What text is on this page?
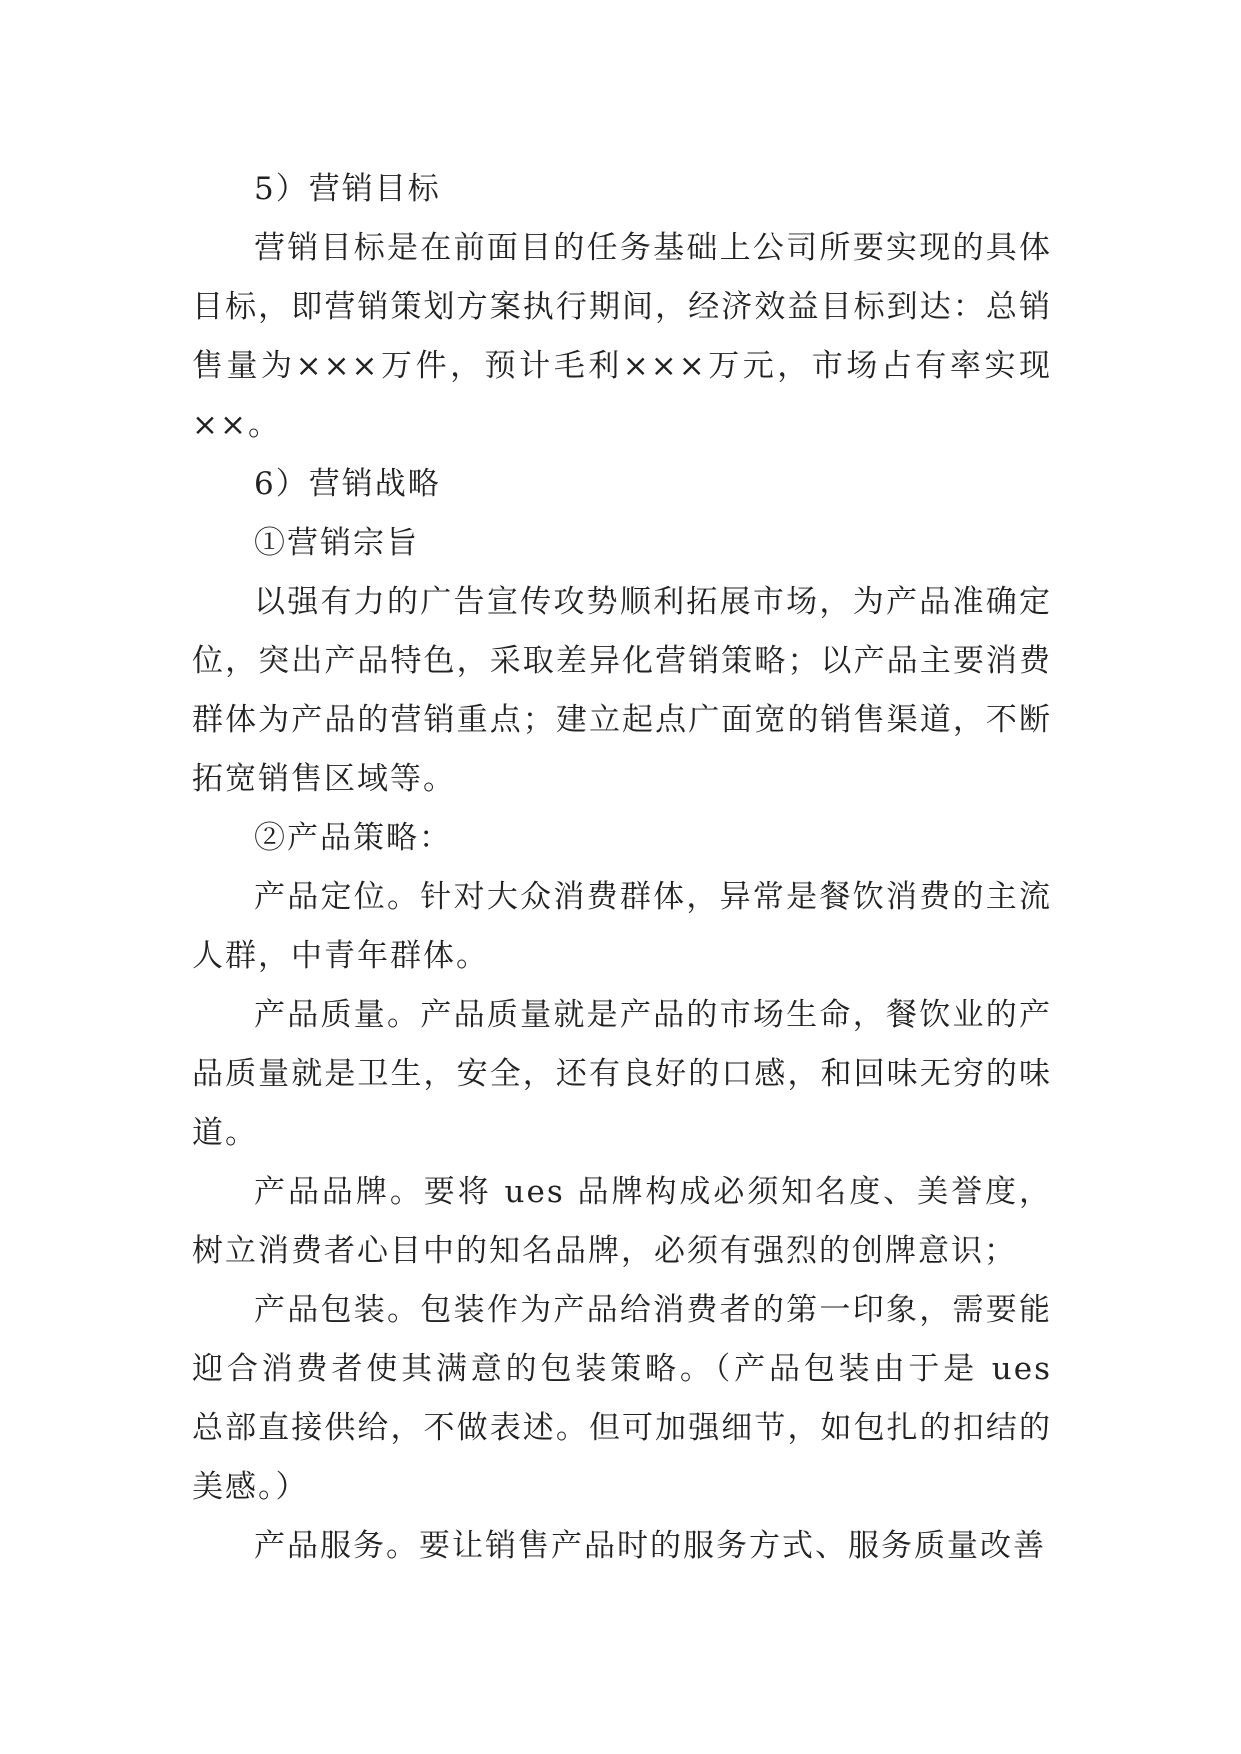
5）营销目标

营销目标是在前面目的任务基础上公司所要实现的具体目标，即营销策划方案执行期间，经济效益目标到达：总销售量为×××万件，预计毛利×××万元，市场占有率实现××。

6）营销战略

①营销宗旨

以强有力的广告宣传攻势顺利拓展市场，为产品准确定位，突出产品特色，采取差异化营销策略；以产品主要消费群体为产品的营销重点；建立起点广面宽的销售渠道，不断拓宽销售区域等。

②产品策略：

产品定位。针对大众消费群体，异常是餐饮消费的主流人群，中青年群体。

产品质量。产品质量就是产品的市场生命，餐饮业的产品质量就是卫生，安全，还有良好的口感，和回味无穷的味道。

产品品牌。要将 ues 品牌构成必须知名度、美誉度，树立消费者心目中的知名品牌，必须有强烈的创牌意识；

产品包装。包装作为产品给消费者的第一印象，需要能迎合消费者使其满意的包装策略。（产品包装由于是 ues 总部直接供给，不做表述。但可加强细节，如包扎的扣结的美感。）

产品服务。要让销售产品时的服务方式、服务质量改善
